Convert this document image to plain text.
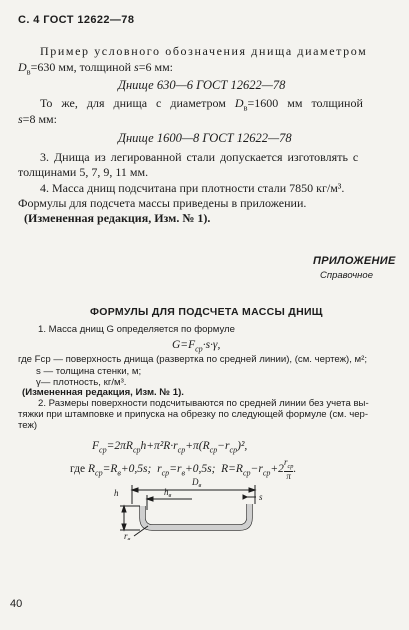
С. 4 ГОСТ 12622—78
Пример условного обозначения днища диаметром
$D_в=630$ мм, толщиной s=6 мм:
Днище 630—6 ГОСТ 12622—78
То же, для днища с диаметром $D_в=1600$ мм толщиной
s=8 мм:
Днище 1600—8 ГОСТ 12622—78
3. Днища из легированной стали допускается изготовлять с
толщинами 5, 7, 9, 11 мм.
4. Масса днищ подсчитана при плотности стали 7850 кг/м³.
Формулы для подсчета массы приведены в приложении.
(Измененная редакция, Изм. № 1).
ПРИЛОЖЕНИЕ
Справочное
ФОРМУЛЫ ДЛЯ ПОДСЧЕТА МАССЫ ДНИЩ
1. Масса днищ G определяется по формуле
$G=F_{ср}\cdot s\cdot\gamma$,
где Fср — поверхность днища (развертка по средней линии), (см. чертеж), м²;
s — толщина стенки, м;
γ— плотность, кг/м³.
(Измененная редакция, Изм. № 1).
2. Размеры поверхности подсчитываются по средней линии без учета вы-
тяжки при штамповке и припуска на обрезку по следующей формуле (см. чер-
теж)
$F_{ср}=2\pi R_{ср}h+\pi^2R\cdot r_{ср}+\pi(R_{ср}-r_{ср})^2$,
где $R_{ср}=R_в+0,5s$;  $r_{ср}=r_в+0,5s$;  $R=R_{ср}-r_{ср}+2$
$r_{ср}$
π
.
$D_в$
$h_в$
h	s
$r_в$
40
